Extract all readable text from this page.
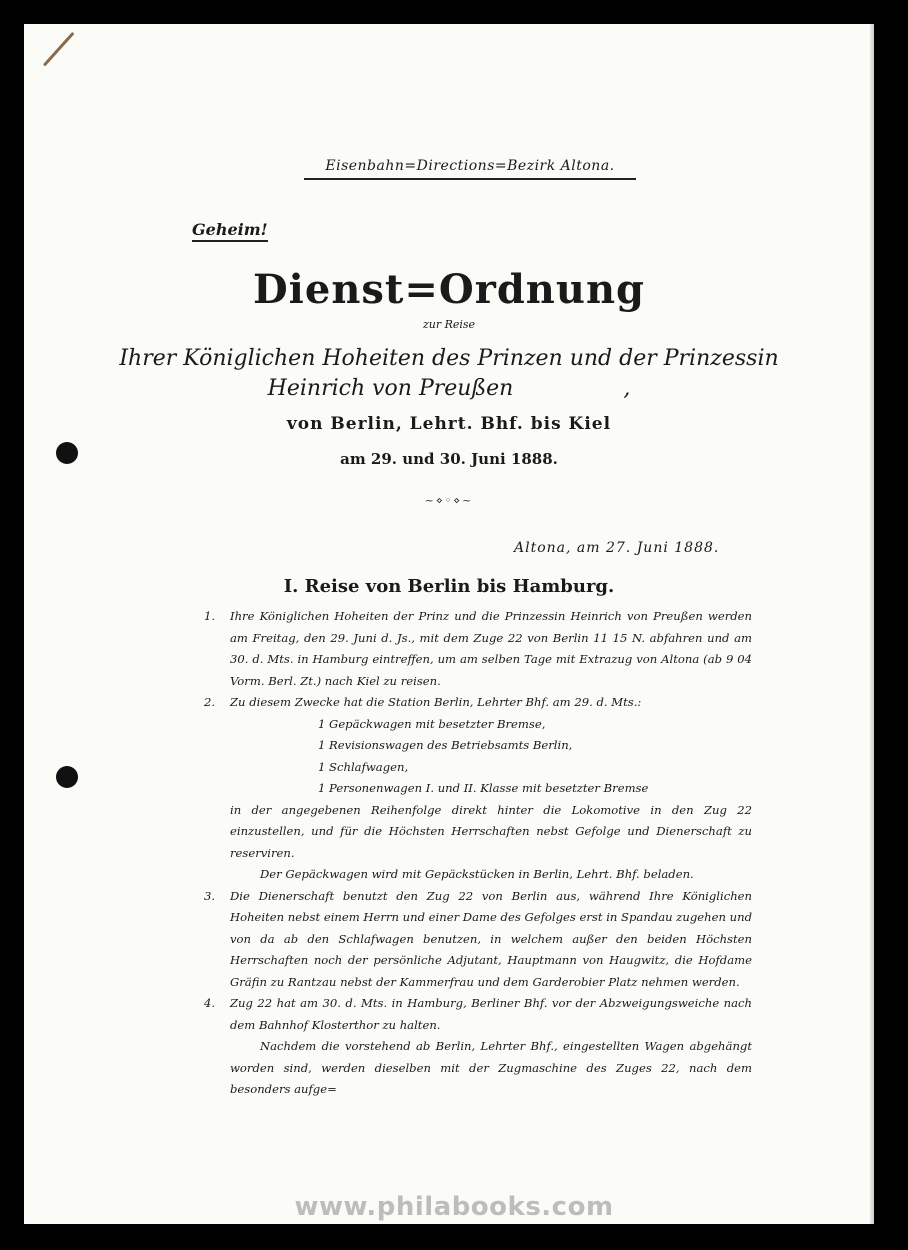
Eisenbahn=Directions=Bezirk Altona.
Geheim!
Dienst=Ordnung
zur Reise
Ihrer Königlichen Hoheiten des Prinzen und der Prinzessin
Heinrich von Preußen	,
von Berlin, Lehrt. Bhf. bis Kiel
am 29. und 30. Juni 1888.
~⋄◦⋄~
Altona, am 27. Juni 1888.
I. Reise von Berlin bis Hamburg.
1. Ihre Königlichen Hoheiten der Prinz und die Prinzessin Heinrich von Preußen werden am Freitag, den 29. Juni d. Js., mit dem Zuge 22 von Berlin 11 15 N. abfahren und am 30. d. Mts. in Hamburg eintreffen, um am selben Tage mit Extrazug von Altona (ab 9 04 Vorm. Berl. Zt.) nach Kiel zu reisen.
2. Zu diesem Zwecke hat die Station Berlin, Lehrter Bhf. am 29. d. Mts.:
1 Gepäckwagen mit besetzter Bremse,
1 Revisionswagen des Betriebsamts Berlin,
1 Schlafwagen,
1 Personenwagen I. und II. Klasse mit besetzter Bremse
in der angegebenen Reihenfolge direkt hinter die Lokomotive in den Zug 22 einzustellen, und für die Höchsten Herrschaften nebst Gefolge und Dienerschaft zu reserviren.
Der Gepäckwagen wird mit Gepäckstücken in Berlin, Lehrt. Bhf. beladen.
3. Die Dienerschaft benutzt den Zug 22 von Berlin aus, während Ihre Königlichen Hoheiten nebst einem Herrn und einer Dame des Gefolges erst in Spandau zugehen und von da ab den Schlafwagen benutzen, in welchem außer den beiden Höchsten Herrschaften noch der persönliche Adjutant, Hauptmann von Haugwitz, die Hofdame Gräfin zu Rantzau nebst der Kammerfrau und dem Garderobier Platz nehmen werden.
4. Zug 22 hat am 30. d. Mts. in Hamburg, Berliner Bhf. vor der Abzweigungsweiche nach dem Bahnhof Klosterthor zu halten.
Nachdem die vorstehend ab Berlin, Lehrter Bhf., eingestellten Wagen abgehängt worden sind, werden dieselben mit der Zugmaschine des Zuges 22, nach dem besonders aufge=
www.philabooks.com
